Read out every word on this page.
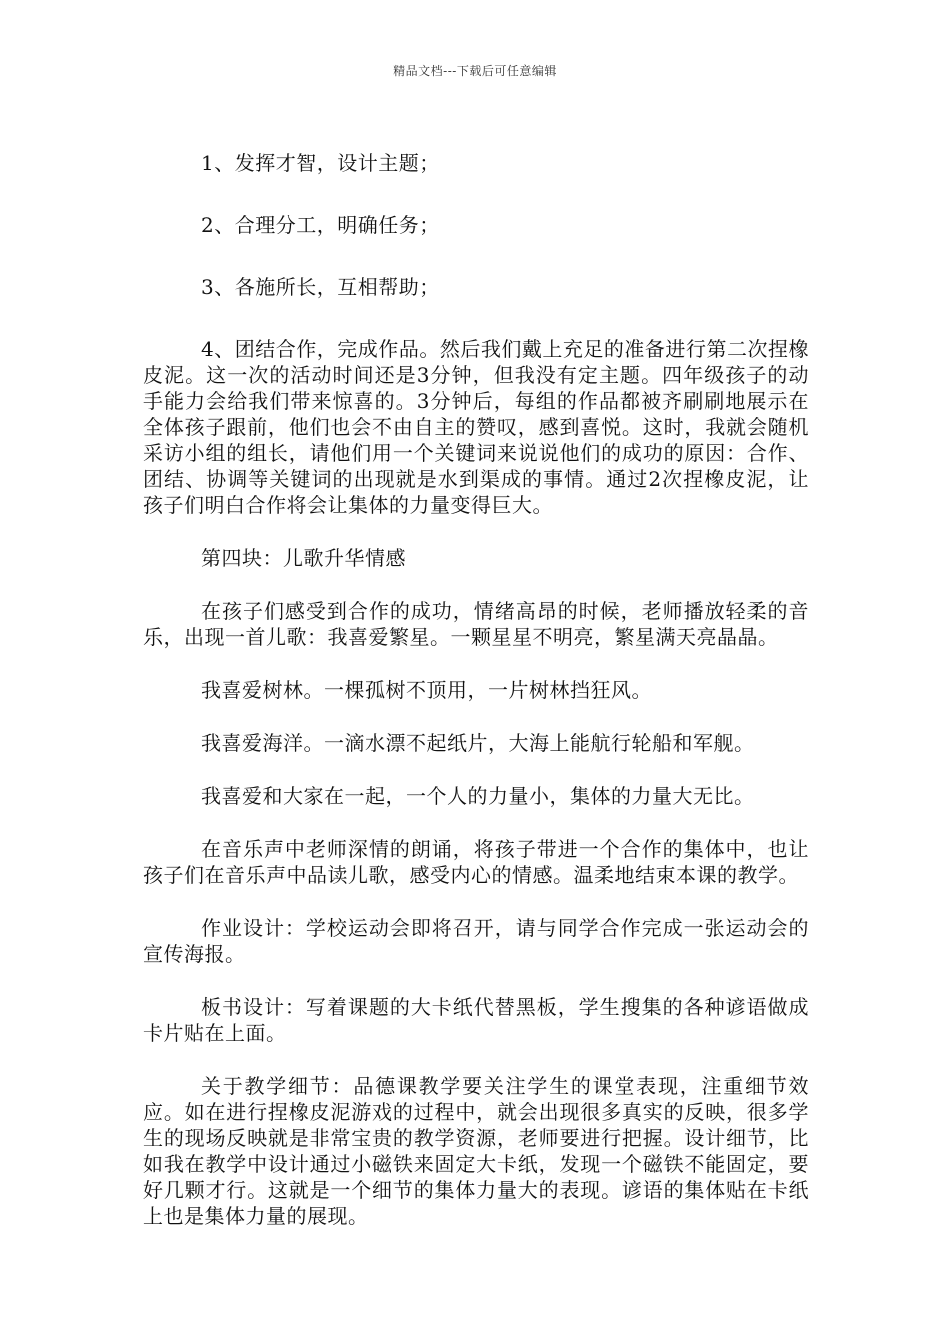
精品文档---下载后可任意编辑

1、发挥才智，设计主题；

2、合理分工，明确任务；

3、各施所长，互相帮助；

4、团结合作，完成作品。然后我们戴上充足的准备进行第二次捏橡皮泥。这一次的活动时间还是3分钟，但我没有定主题。四年级孩子的动手能力会给我们带来惊喜的。3分钟后，每组的作品都被齐刷刷地展示在全体孩子跟前，他们也会不由自主的赞叹，感到喜悦。这时，我就会随机采访小组的组长，请他们用一个关键词来说说他们的成功的原因：合作、团结、协调等关键词的出现就是水到渠成的事情。通过2次捏橡皮泥，让孩子们明白合作将会让集体的力量变得巨大。

第四块：儿歌升华情感

在孩子们感受到合作的成功，情绪高昂的时候，老师播放轻柔的音乐，出现一首儿歌：我喜爱繁星。一颗星星不明亮，繁星满天亮晶晶。

我喜爱树林。一棵孤树不顶用，一片树林挡狂风。

我喜爱海洋。一滴水漂不起纸片，大海上能航行轮船和军舰。

我喜爱和大家在一起，一个人的力量小，集体的力量大无比。

在音乐声中老师深情的朗诵，将孩子带进一个合作的集体中，也让孩子们在音乐声中品读儿歌，感受内心的情感。温柔地结束本课的教学。

作业设计：学校运动会即将召开，请与同学合作完成一张运动会的宣传海报。

板书设计：写着课题的大卡纸代替黑板，学生搜集的各种谚语做成卡片贴在上面。

关于教学细节：品德课教学要关注学生的课堂表现，注重细节效应。如在进行捏橡皮泥游戏的过程中，就会出现很多真实的反映，很多学生的现场反映就是非常宝贵的教学资源，老师要进行把握。设计细节，比如我在教学中设计通过小磁铁来固定大卡纸，发现一个磁铁不能固定，要好几颗才行。这就是一个细节的集体力量大的表现。谚语的集体贴在卡纸上也是集体力量的展现。
